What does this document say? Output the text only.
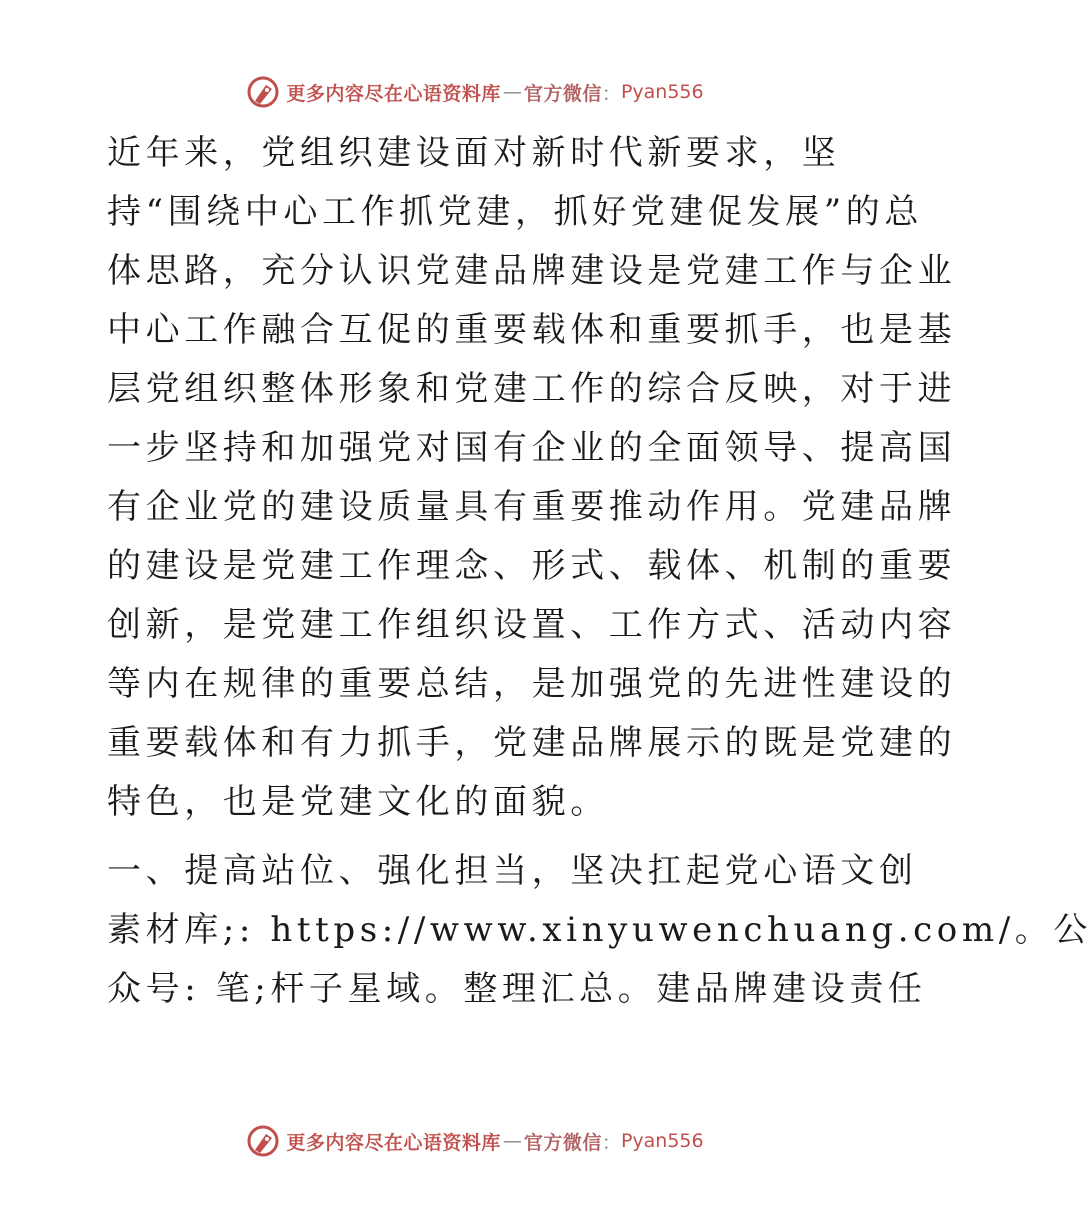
更多内容尽在心语资料库 — 官方微信 ： Pyan556

近年来，党组织建设面对新时代新要求，坚
持“围绕中心工作抓党建，抓好党建促发展”的总
体思路，充分认识党建品牌建设是党建工作与企业
中心工作融合互促的重要载体和重要抓手，也是基
层党组织整体形象和党建工作的综合反映，对于进
一步坚持和加强党对国有企业的全面领导、提高国
有企业党的建设质量具有重要推动作用。党建品牌
的建设是党建工作理念、形式、载体、机制的重要
创新，是党建工作组织设置、工作方式、活动内容
等内在规律的重要总结，是加强党的先进性建设的
重要载体和有力抓手，党建品牌展示的既是党建的
特色，也是党建文化的面貌。

一、提高站位、强化担当，坚决扛起党心语文创
素材库;: https://www.xinyuwenchuang.com/。公
众号: 笔;杆子星域。整理汇总。建品牌建设责任

更多内容尽在心语资料库 — 官方微信 ： Pyan556
